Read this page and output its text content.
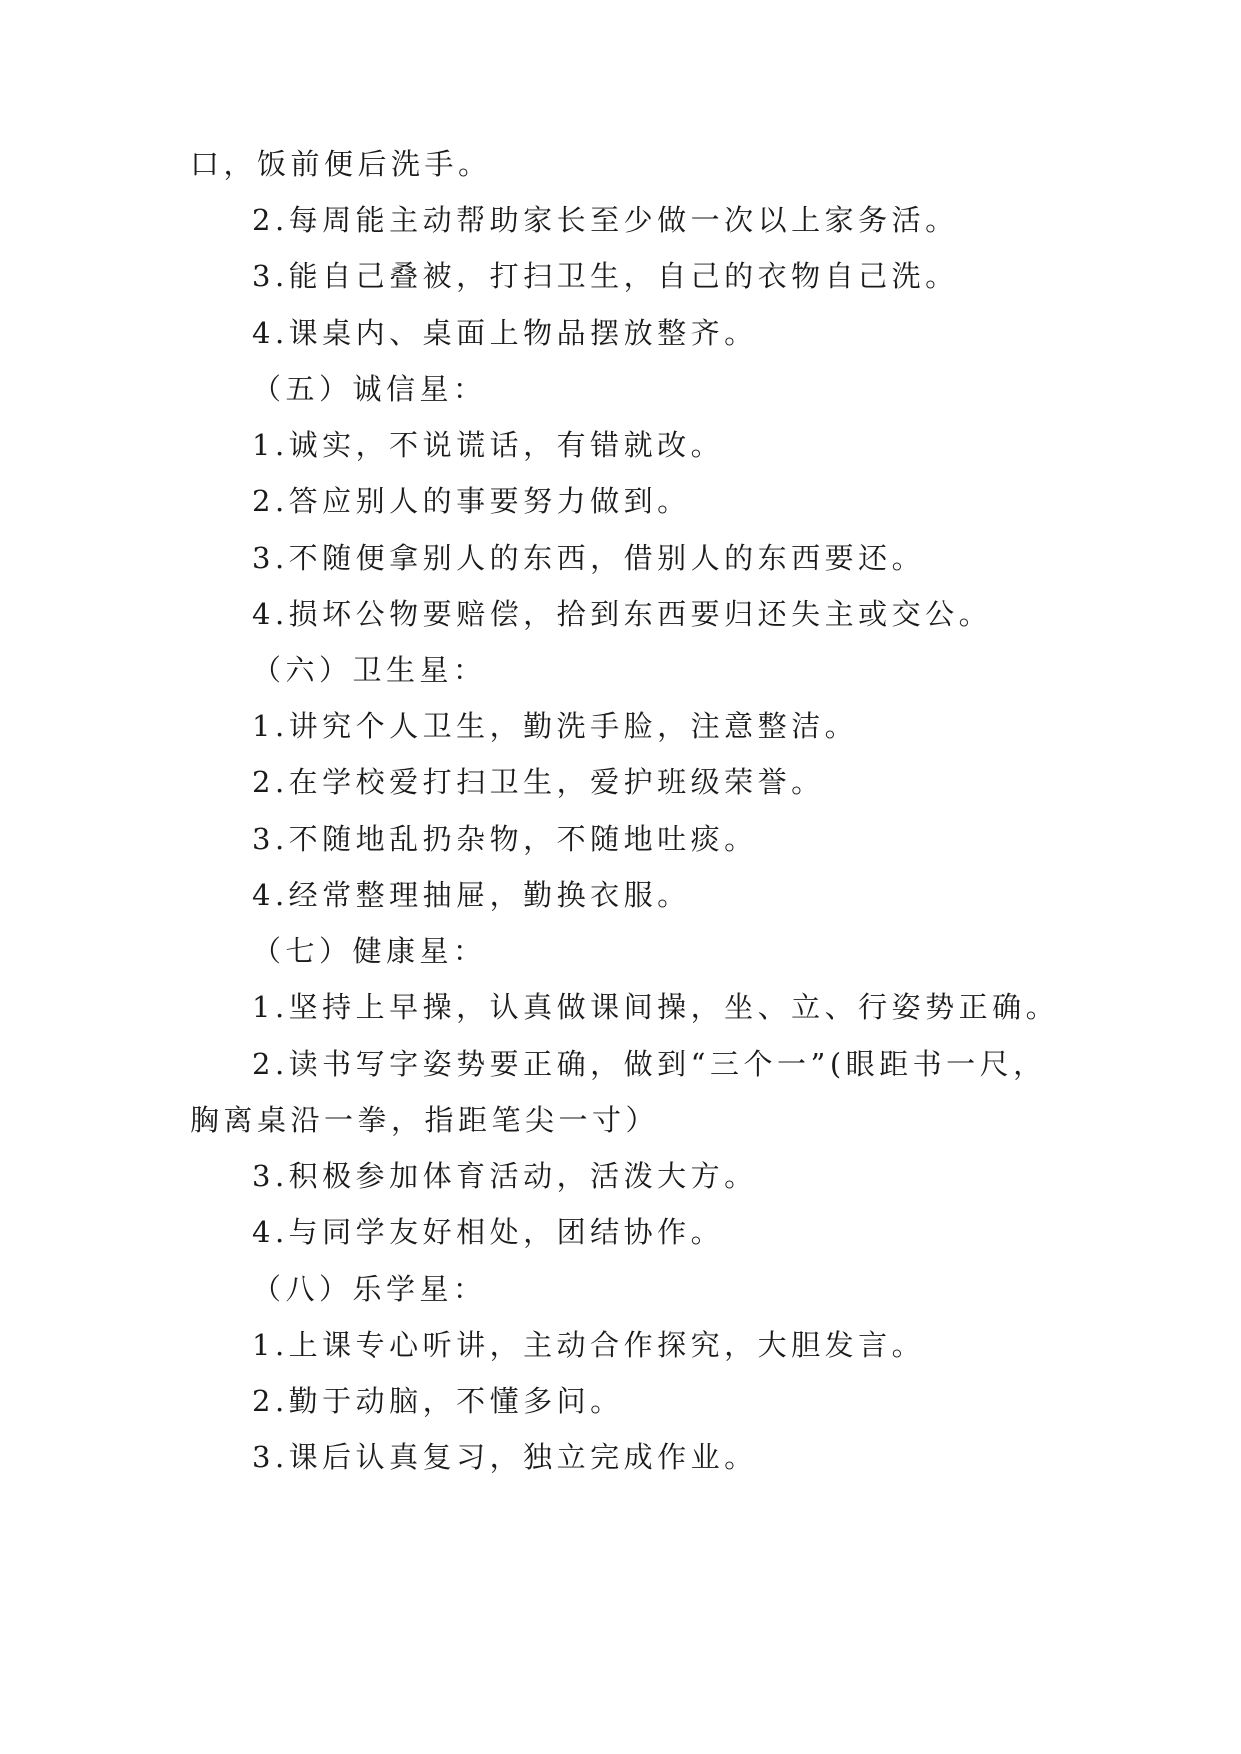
口，饭前便后洗手。
2.每周能主动帮助家长至少做一次以上家务活。
3.能自己叠被，打扫卫生，自己的衣物自己洗。
4.课桌内、桌面上物品摆放整齐。
（五）诚信星：
1.诚实，不说谎话，有错就改。
2.答应别人的事要努力做到。
3.不随便拿别人的东西，借别人的东西要还。
4.损坏公物要赔偿，拾到东西要归还失主或交公。
（六）卫生星：
1.讲究个人卫生，勤洗手脸，注意整洁。
2.在学校爱打扫卫生，爱护班级荣誉。
3.不随地乱扔杂物，不随地吐痰。
4.经常整理抽屉，勤换衣服。
（七）健康星：
1.坚持上早操，认真做课间操，坐、立、行姿势正确。
2.读书写字姿势要正确，做到“三个一”(眼距书一尺，
胸离桌沿一拳，指距笔尖一寸）
3.积极参加体育活动，活泼大方。
4.与同学友好相处，团结协作。
（八）乐学星：
1.上课专心听讲，主动合作探究，大胆发言。
2.勤于动脑，不懂多问。
3.课后认真复习，独立完成作业。
